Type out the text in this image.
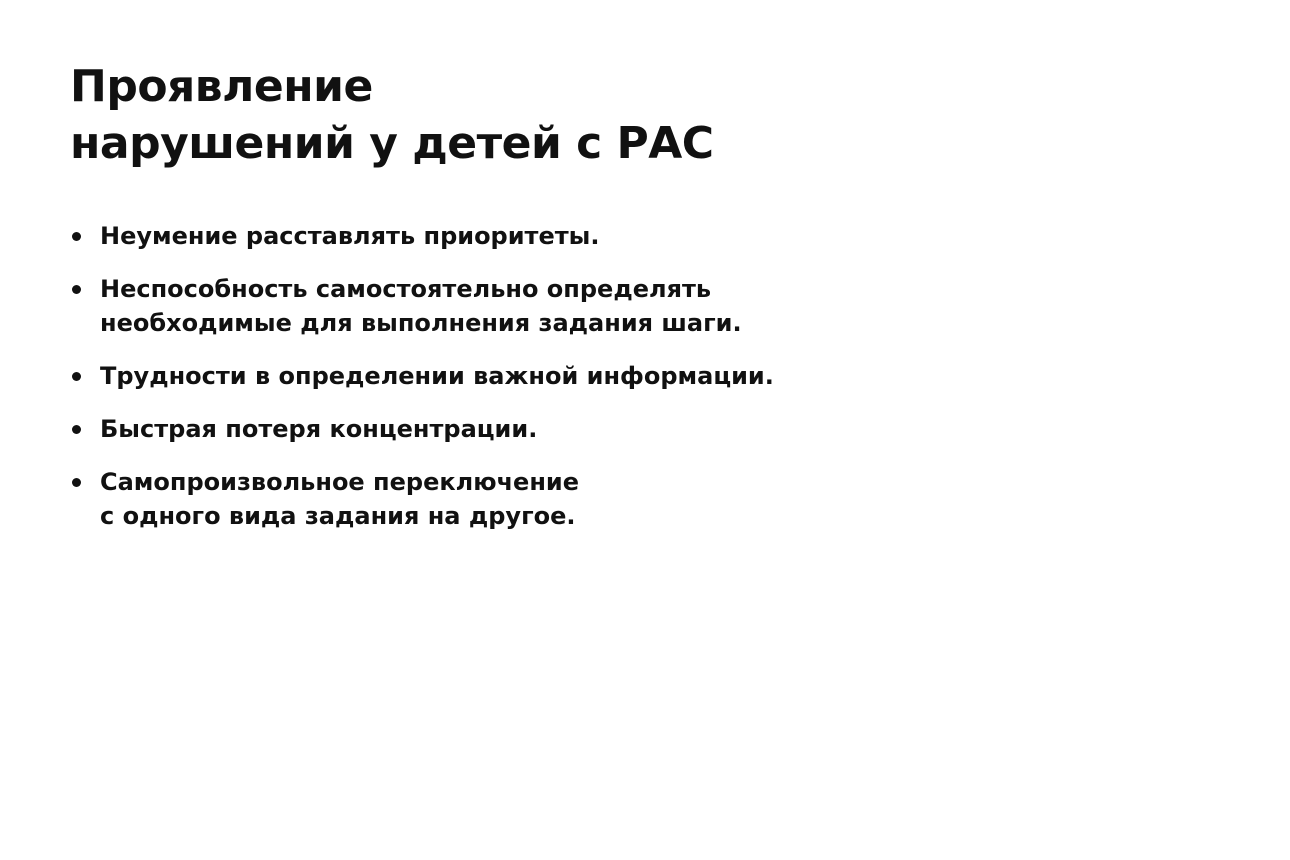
Проявление
нарушений у детей с РАС
Неумение расставлять приоритеты.
Неспособность самостоятельно определять
необходимые для выполнения задания шаги.
Трудности в определении важной информации.
Быстрая потеря концентрации.
Самопроизвольное переключение
с одного вида задания на другое.
